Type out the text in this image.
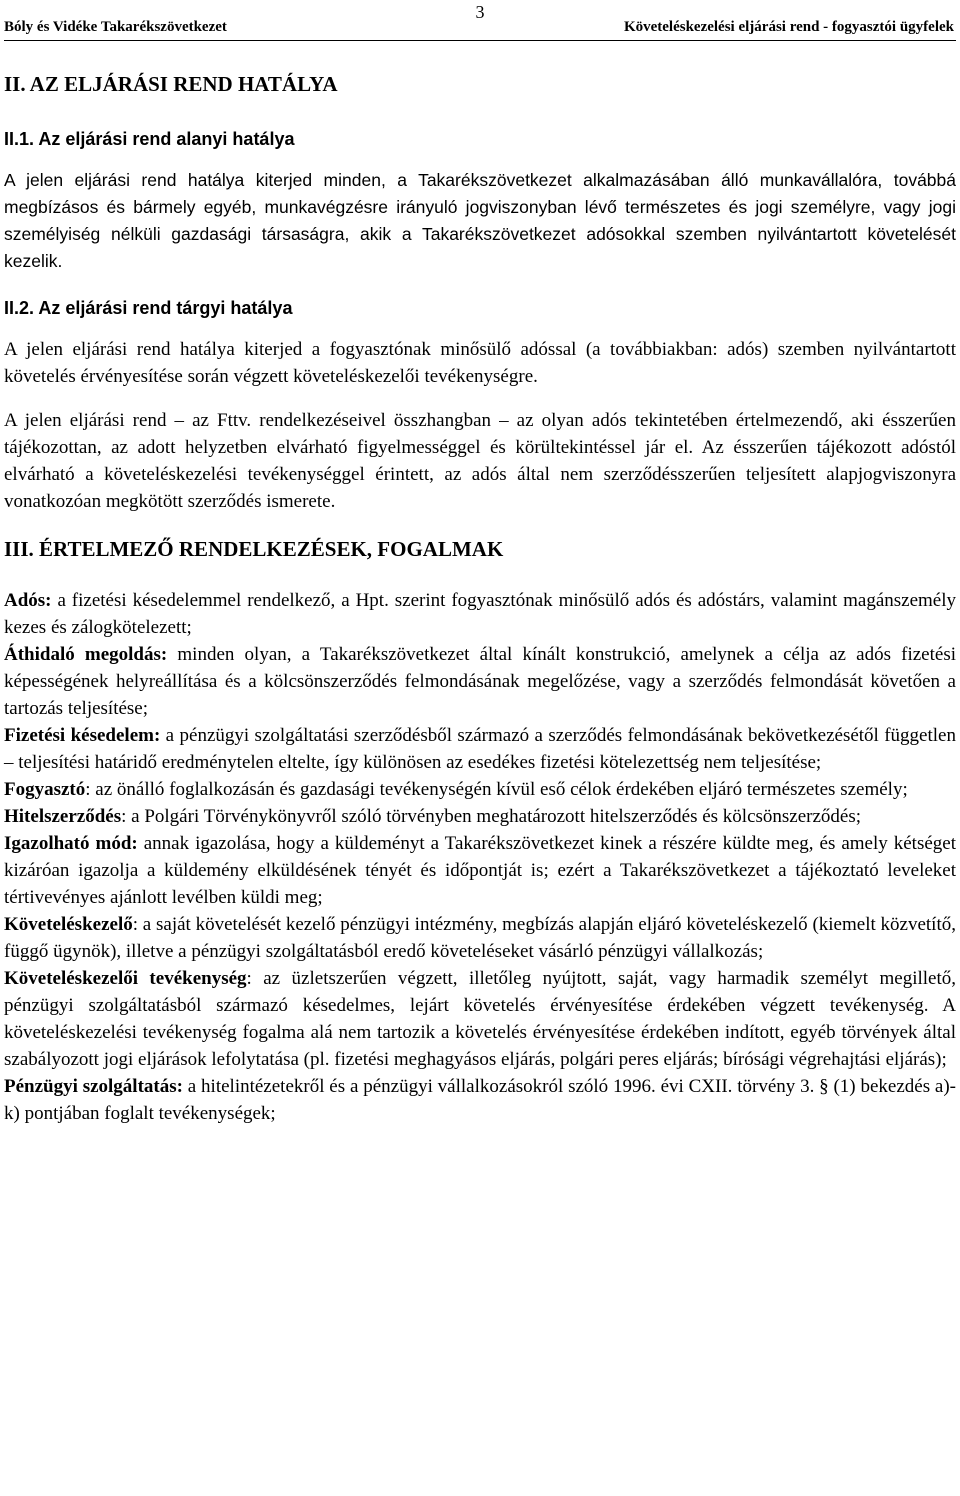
3
Bóly és Vidéke Takarékszövetkezet	Követeléskezelési eljárási rend - fogyasztói ügyfelek
II. AZ ELJÁRÁSI REND HATÁLYA
II.1. Az eljárási rend alanyi hatálya

A jelen eljárási rend hatálya kiterjed minden, a Takarékszövetkezet alkalmazásában álló munkavállalóra, továbbá megbízásos és bármely egyéb, munkavégzésre irányuló jogviszonyban lévő természetes és jogi személyre, vagy jogi személyiség nélküli gazdasági társaságra, akik a Takarékszövetkezet adósokkal szemben nyilvántartott követelését kezelik.

II.2. Az eljárási rend tárgyi hatálya

A jelen eljárási rend hatálya kiterjed a fogyasztónak minősülő adóssal (a továbbiakban: adós) szemben nyilvántartott követelés érvényesítése során végzett követeléskezelői tevékenységre.

A jelen eljárási rend – az Fttv. rendelkezéseivel összhangban – az olyan adós tekintetében értelmezendő, aki ésszerűen tájékozottan, az adott helyzetben elvárható figyelmességgel és körültekintéssel jár el. Az ésszerűen tájékozott adóstól elvárható a követeléskezelési tevékenységgel érintett, az adós által nem szerződésszerűen teljesített alapjogviszonyra vonatkozóan megkötött szerződés ismerete.

III. ÉRTELMEZŐ RENDELKEZÉSEK, FOGALMAK

Adós: a fizetési késedelemmel rendelkező, a Hpt. szerint fogyasztónak minősülő adós és adóstárs, valamint magánszemély kezes és zálogkötelezett;

Áthidaló megoldás: minden olyan, a Takarékszövetkezet által kínált konstrukció, amelynek a célja az adós fizetési képességének helyreállítása és a kölcsönszerződés felmondásának megelőzése, vagy a szerződés felmondását követően a tartozás teljesítése;

Fizetési késedelem: a pénzügyi szolgáltatási szerződésből származó a szerződés felmondásának bekövetkezésétől független – teljesítési határidő eredménytelen eltelte, így különösen az esedékes fizetési kötelezettség nem teljesítése;

Fogyasztó: az önálló foglalkozásán és gazdasági tevékenységén kívül eső célok érdekében eljáró természetes személy;

Hitelszerződés: a Polgári Törvénykönyvről szóló törvényben meghatározott hitelszerződés és kölcsönszerződés;

Igazolható mód: annak igazolása, hogy a küldeményt a Takarékszövetkezet kinek a részére küldte meg, és amely kétséget kizáróan igazolja a küldemény elküldésének tényét és időpontját is; ezért a Takarékszövetkezet a tájékoztató leveleket tértivevényes ajánlott levélben küldi meg;

Követeléskezelő: a saját követelését kezelő pénzügyi intézmény, megbízás alapján eljáró követeléskezelő (kiemelt közvetítő, függő ügynök), illetve a pénzügyi szolgáltatásból eredő követeléseket vásárló pénzügyi vállalkozás;

Követeléskezelői tevékenység: az üzletszerűen végzett, illetőleg nyújtott, saját, vagy harmadik személyt megillető, pénzügyi szolgáltatásból származó késedelmes, lejárt követelés érvényesítése érdekében végzett tevékenység. A követeléskezelési tevékenység fogalma alá nem tartozik a követelés érvényesítése érdekében indított, egyéb törvények által szabályozott jogi eljárások lefolytatása (pl. fizetési meghagyásos eljárás, polgári peres eljárás; bírósági végrehajtási eljárás);

Pénzügyi szolgáltatás: a hitelintézetekről és a pénzügyi vállalkozásokról szóló 1996. évi CXII. törvény 3. § (1) bekezdés a)-k) pontjában foglalt tevékenységek;
